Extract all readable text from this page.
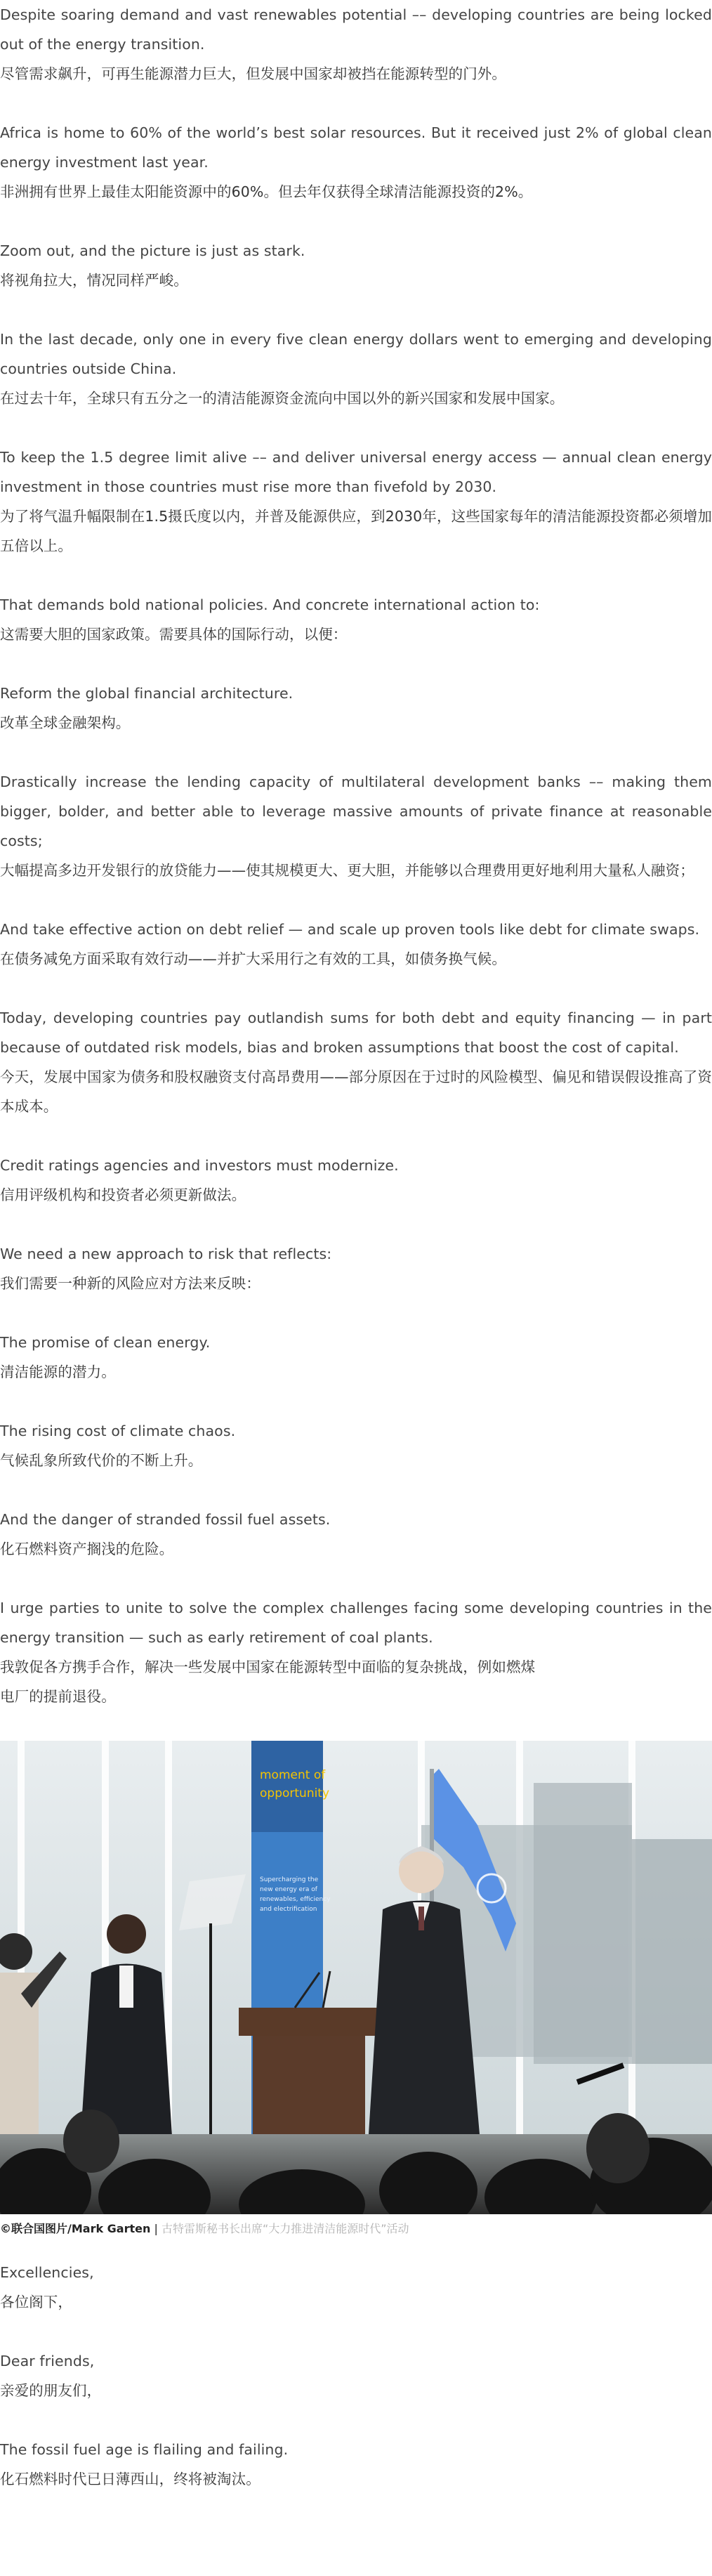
Despite soaring demand and vast renewables potential –– developing countries are being locked out of the energy transition.
尽管需求飙升，可再生能源潜力巨大，但发展中国家却被挡在能源转型的门外。
Africa is home to 60% of the world’s best solar resources. But it received just 2% of global clean energy investment last year.
非洲拥有世界上最佳太阳能资源中的60%。但去年仅获得全球清洁能源投资的2%。
Zoom out, and the picture is just as stark.
将视角拉大，情况同样严峻。
In the last decade, only one in every five clean energy dollars went to emerging and developing countries outside China.
在过去十年，全球只有五分之一的清洁能源资金流向中国以外的新兴国家和发展中国家。
To keep the 1.5 degree limit alive –– and deliver universal energy access — annual clean energy investment in those countries must rise more than fivefold by 2030.
为了将气温升幅限制在1.5摄氏度以内，并普及能源供应，到2030年，这些国家每年的清洁能源投资都必须增加五倍以上。
That demands bold national policies. And concrete international action to:
这需要大胆的国家政策。需要具体的国际行动，以便：
Reform the global financial architecture.
改革全球金融架构。
Drastically increase the lending capacity of multilateral development banks –– making them bigger, bolder, and better able to leverage massive amounts of private finance at reasonable costs;
大幅提高多边开发银行的放贷能力——使其规模更大、更大胆，并能够以合理费用更好地利用大量私人融资；
And take effective action on debt relief — and scale up proven tools like debt for climate swaps.
在债务减免方面采取有效行动——并扩大采用行之有效的工具，如债务换气候。
Today, developing countries pay outlandish sums for both debt and equity financing — in part because of outdated risk models, bias and broken assumptions that boost the cost of capital.
今天，发展中国家为债务和股权融资支付高昂费用——部分原因在于过时的风险模型、偏见和错误假设推高了资本成本。
Credit ratings agencies and investors must modernize.
信用评级机构和投资者必须更新做法。
We need a new approach to risk that reflects:
我们需要一种新的风险应对方法来反映：
The promise of clean energy.
清洁能源的潜力。
The rising cost of climate chaos.
气候乱象所致代价的不断上升。
And the danger of stranded fossil fuel assets.
化石燃料资产搁浅的危险。
I urge parties to unite to solve the complex challenges facing some developing countries in the energy transition — such as early retirement of coal plants.
我敦促各方携手合作，解决一些发展中国家在能源转型中面临的复杂挑战，例如燃煤
电厂的提前退役。
moment of
opportunity
Supercharging the
new energy era of
renewables, efficiency
and electrification
©联合国图片/Mark Garten | 古特雷斯秘书长出席“大力推进清洁能源时代”活动
Excellencies,
各位阁下，
Dear friends,
亲爱的朋友们，
The fossil fuel age is flailing and failing.
化石燃料时代已日薄西山，终将被淘汰。
